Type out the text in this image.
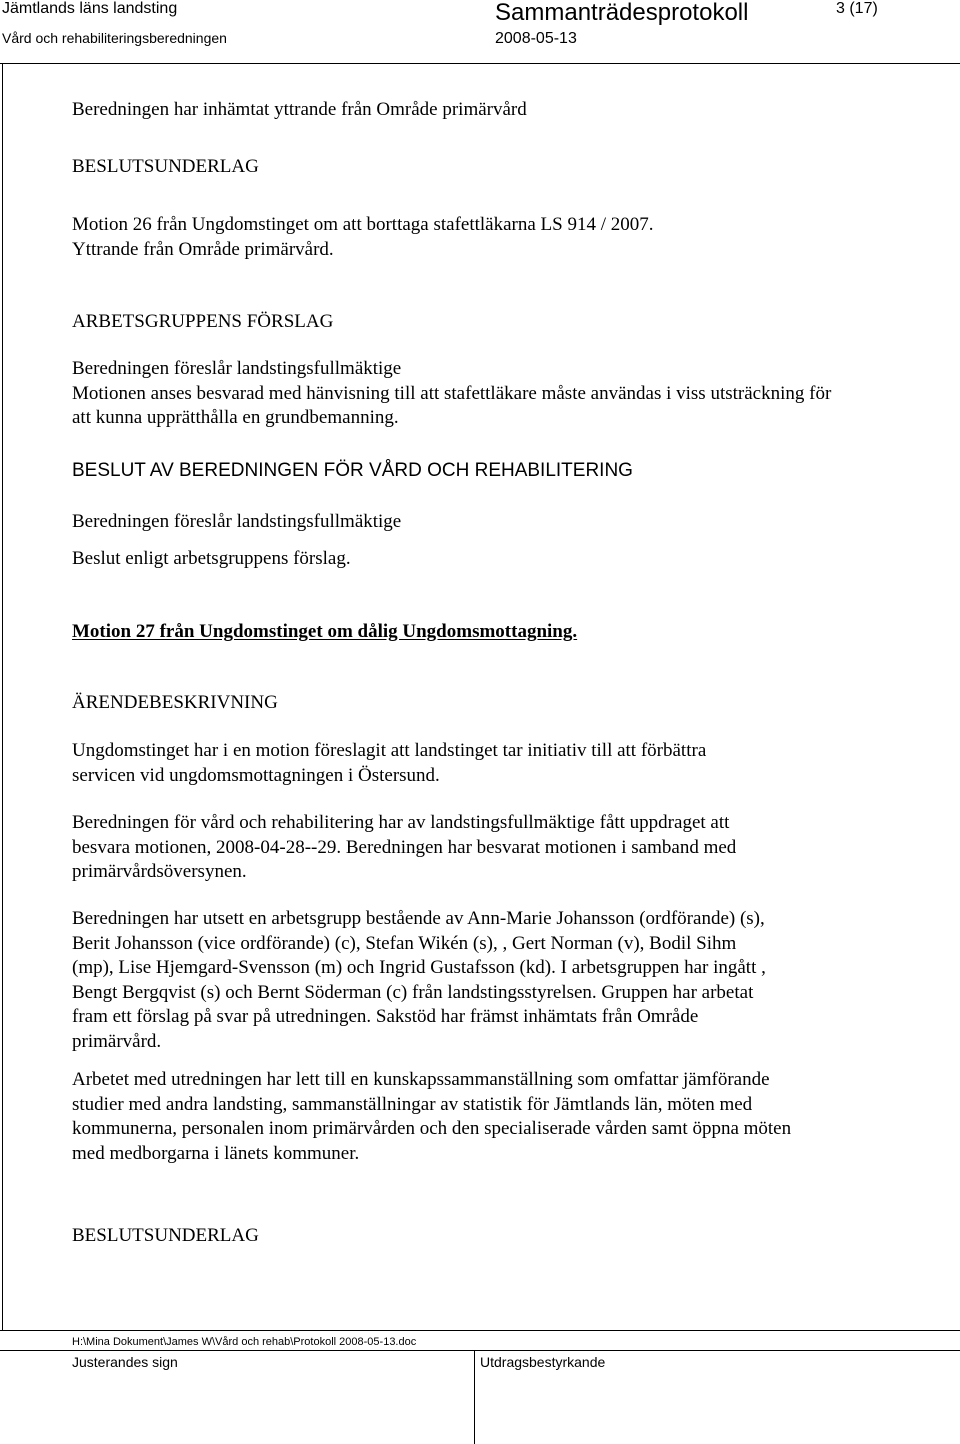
Jämtlands läns landsting
Vård och rehabiliteringsberedningen
Sammanträdesprotokoll
2008-05-13
3 (17)
Beredningen har inhämtat yttrande från Område primärvård
BESLUTSUNDERLAG
Motion 26 från Ungdomstinget om att borttaga stafettläkarna LS 914 / 2007.
Yttrande från Område primärvård.
ARBETSGRUPPENS FÖRSLAG
Beredningen föreslår landstingsfullmäktige
Motionen anses besvarad med hänvisning till att stafettläkare måste användas i viss utsträckning för
att kunna upprätthålla en grundbemanning.
BESLUT AV BEREDNINGEN FÖR VÅRD OCH REHABILITERING
Beredningen föreslår landstingsfullmäktige
Beslut enligt arbetsgruppens förslag.
Motion 27 från Ungdomstinget om dålig Ungdomsmottagning.
ÄRENDEBESKRIVNING
Ungdomstinget har i en motion föreslagit att landstinget tar initiativ till att förbättra
servicen vid ungdomsmottagningen i Östersund.
Beredningen för vård och rehabilitering har av landstingsfullmäktige fått uppdraget att
besvara motionen, 2008-04-28--29. Beredningen har besvarat motionen i samband med
primärvårdsöversynen.
Beredningen har utsett en arbetsgrupp bestående av Ann-Marie Johansson (ordförande) (s),
Berit Johansson (vice ordförande) (c), Stefan Wikén (s), , Gert Norman (v), Bodil Sihm
(mp), Lise Hjemgard-Svensson (m) och Ingrid Gustafsson (kd). I arbetsgruppen har ingått ,
Bengt Bergqvist (s) och Bernt Söderman (c) från landstingsstyrelsen. Gruppen har arbetat
fram ett förslag på svar på utredningen. Sakstöd har främst inhämtats från Område
primärvård.
Arbetet med utredningen har lett till en kunskapssammanställning som omfattar jämförande
studier med andra landsting, sammanställningar av statistik för Jämtlands län, möten med
kommunerna, personalen inom primärvården och den specialiserade vården samt öppna möten
med medborgarna i länets kommuner.
BESLUTSUNDERLAG
H:\Mina Dokument\James W\Vård och rehab\Protokoll 2008-05-13.doc
Justerandes sign	Utdragsbestyrkande
